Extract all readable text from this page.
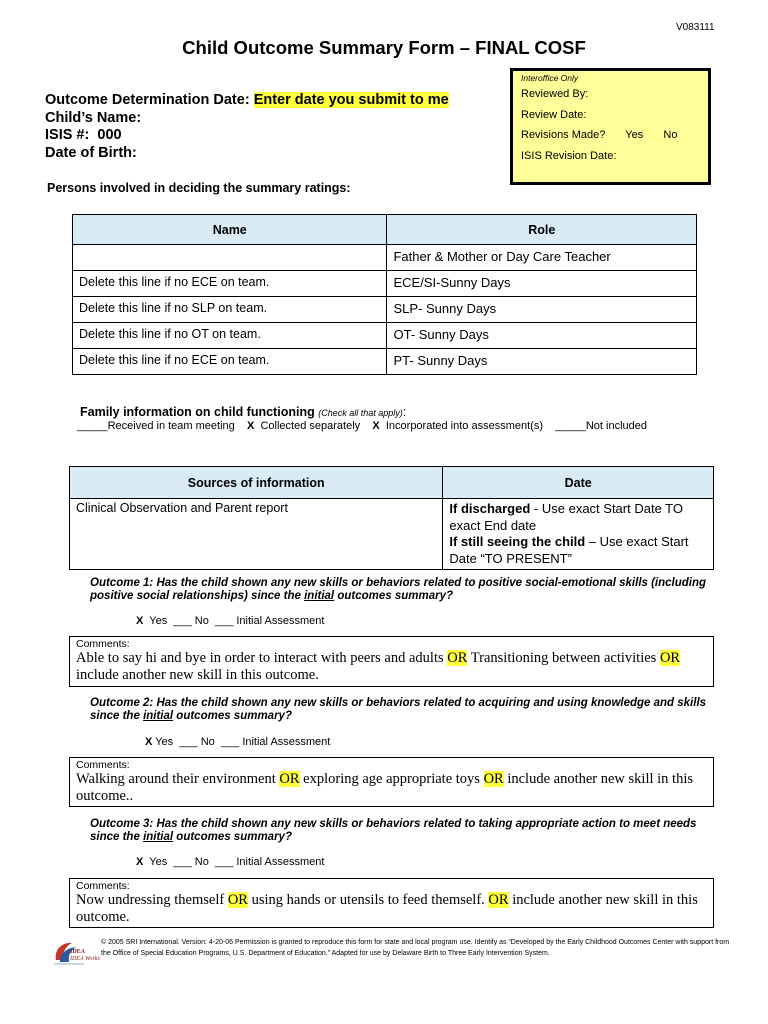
V083111
Child Outcome Summary Form – FINAL COSF
Outcome Determination Date: Enter date you submit to me
Child’s Name:
ISIS #: 000
Date of Birth:
Interoffice Only
Reviewed By:
Review Date:
Revisions Made? Yes No
ISIS Revision Date:
Persons involved in deciding the summary ratings:
Name	Role
	Father & Mother or Day Care Teacher
Delete this line if no ECE on team.	ECE/SI-Sunny Days
Delete this line if no SLP on team.	SLP- Sunny Days
Delete this line if no OT on team.	OT- Sunny Days
Delete this line if no ECE on team.	PT- Sunny Days
Family information on child functioning (Check all that apply):
_____Received in team meeting X Collected separately X Incorporated into assessment(s) _____Not included
Sources of information	Date
Clinical Observation and Parent report	If discharged - Use exact Start Date TO exact End date
If still seeing the child – Use exact Start Date “TO PRESENT”
Outcome 1: Has the child shown any new skills or behaviors related to positive social-emotional skills (including positive social relationships) since the initial outcomes summary?
X Yes ___ No ___ Initial Assessment
Comments:
Able to say hi and bye in order to interact with peers and adults OR Transitioning between activities OR include another new skill in this outcome.
Outcome 2: Has the child shown any new skills or behaviors related to acquiring and using knowledge and skills since the initial outcomes summary?
X Yes ___ No ___ Initial Assessment
Comments:
Walking around their environment OR exploring age appropriate toys OR include another new skill in this outcome..
Outcome 3: Has the child shown any new skills or behaviors related to taking appropriate action to meet needs since the initial outcomes summary?
X Yes ___ No ___ Initial Assessment
Comments:
Now undressing themself OR using hands or utensils to feed themself. OR include another new skill in this outcome.
IDEA
IDEA Works
© 2005 SRI International. Version: 4-20-06 Permission is granted to reproduce this form for state and local program use. Identify as “Developed by the Early Childhood Outcomes Center with support from the Office of Special Education Programs, U.S. Department of Education.” Adapted for use by Delaware Birth to Three Early Intervention System.
